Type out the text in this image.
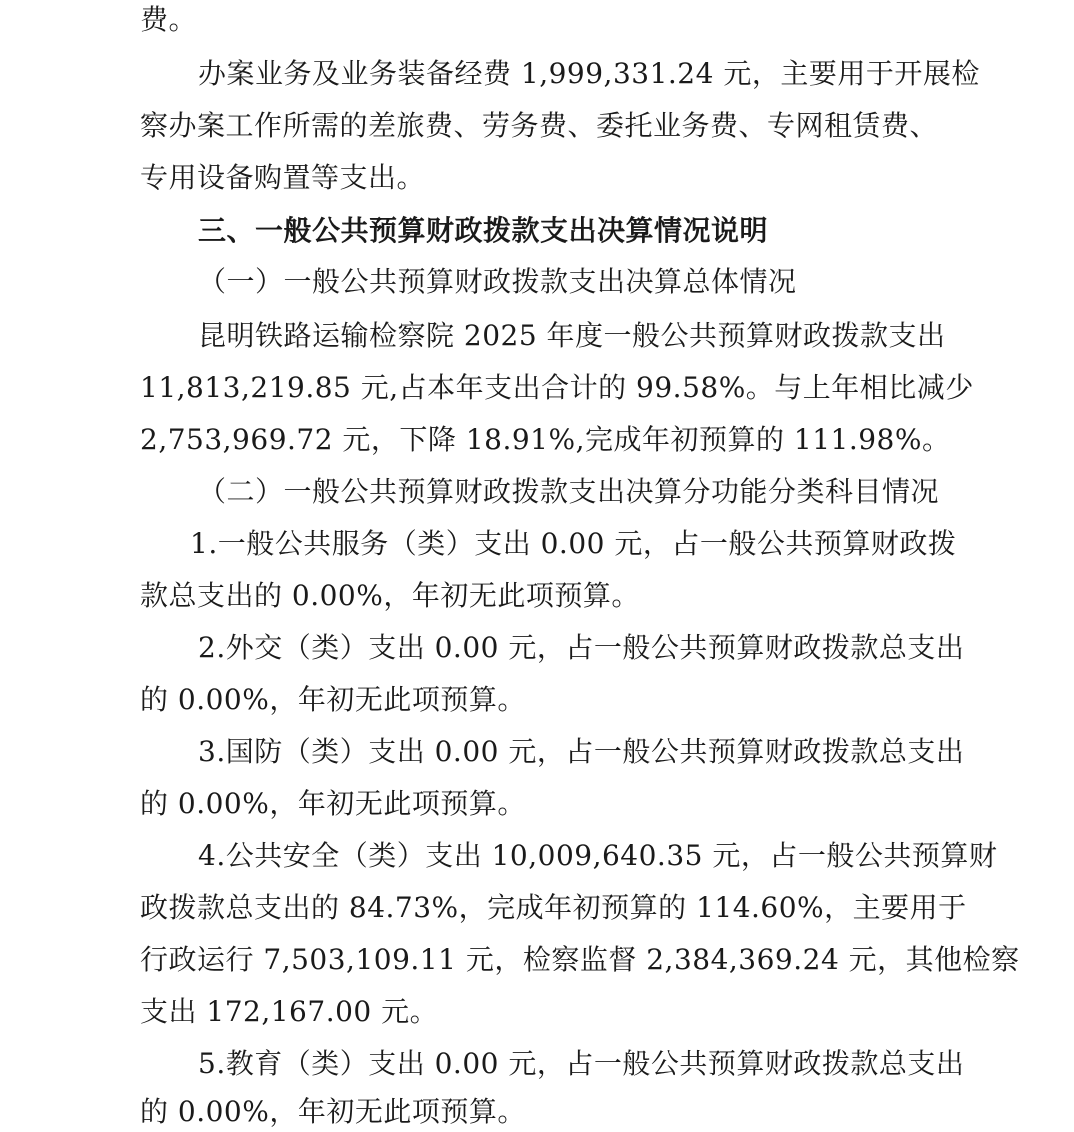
费。
办案业务及业务装备经费 1,999,331.24 元，主要用于开展检
察办案工作所需的差旅费、劳务费、委托业务费、专网租赁费、
专用设备购置等支出。
三、一般公共预算财政拨款支出决算情况说明
（一）一般公共预算财政拨款支出决算总体情况
昆明铁路运输检察院 2025 年度一般公共预算财政拨款支出
11,813,219.85 元,占本年支出合计的 99.58%。与上年相比减少
2,753,969.72 元，下降 18.91%,完成年初预算的 111.98%。
（二）一般公共预算财政拨款支出决算分功能分类科目情况
1.一般公共服务（类）支出 0.00 元，占一般公共预算财政拨
款总支出的 0.00%，年初无此项预算。
2.外交（类）支出 0.00 元，占一般公共预算财政拨款总支出
的 0.00%，年初无此项预算。
3.国防（类）支出 0.00 元，占一般公共预算财政拨款总支出
的 0.00%，年初无此项预算。
4.公共安全（类）支出 10,009,640.35 元，占一般公共预算财
政拨款总支出的 84.73%，完成年初预算的 114.60%，主要用于
行政运行 7,503,109.11 元，检察监督 2,384,369.24 元，其他检察
支出 172,167.00 元。
5.教育（类）支出 0.00 元，占一般公共预算财政拨款总支出
的 0.00%，年初无此项预算。
